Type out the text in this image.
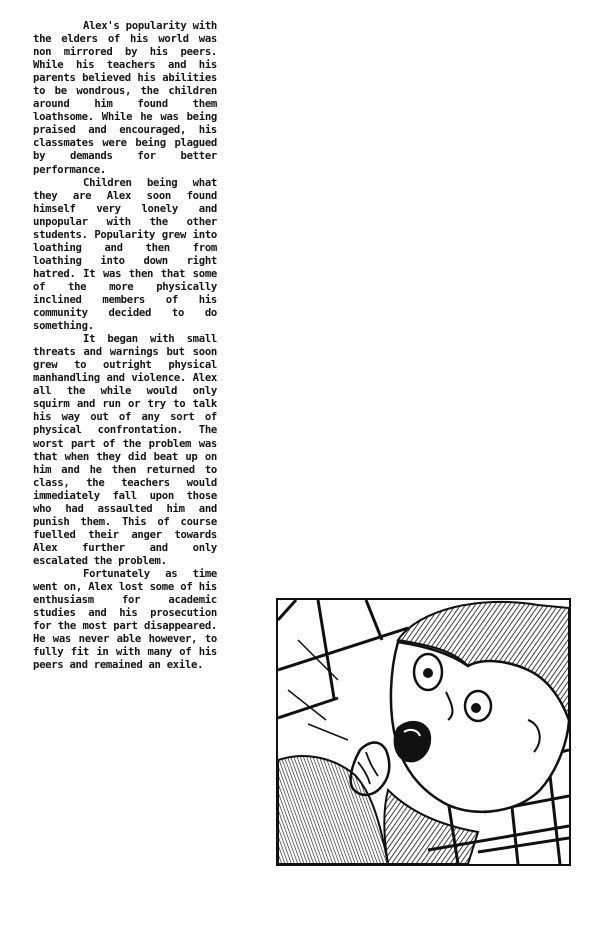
Alex's popularity with the elders of his world was non mirrored by his peers. While his teachers and his parents believed his abilities to be wondrous, the children around him found them loathsome. While he was being praised and encouraged, his classmates were being plagued by demands for better performance.

Children being what they are Alex soon found himself very lonely and unpopular with the other students. Popularity grew into loathing and then from loathing into down right hatred. It was then that some of the more physically inclined members of his community decided to do something.

It began with small threats and warnings but soon grew to outright physical manhandling and violence. Alex all the while would only squirm and run or try to talk his way out of any sort of physical confrontation. The worst part of the problem was that when they did beat up on him and he then returned to class, the teachers would immediately fall upon those who had assaulted him and punish them. This of course fuelled their anger towards Alex further and only escalated the problem.

Fortunately as time went on, Alex lost some of his enthusiasm for academic studies and his prosecution for the most part disappeared. He was never able however, to fully fit in with many of his peers and remained an exile.
